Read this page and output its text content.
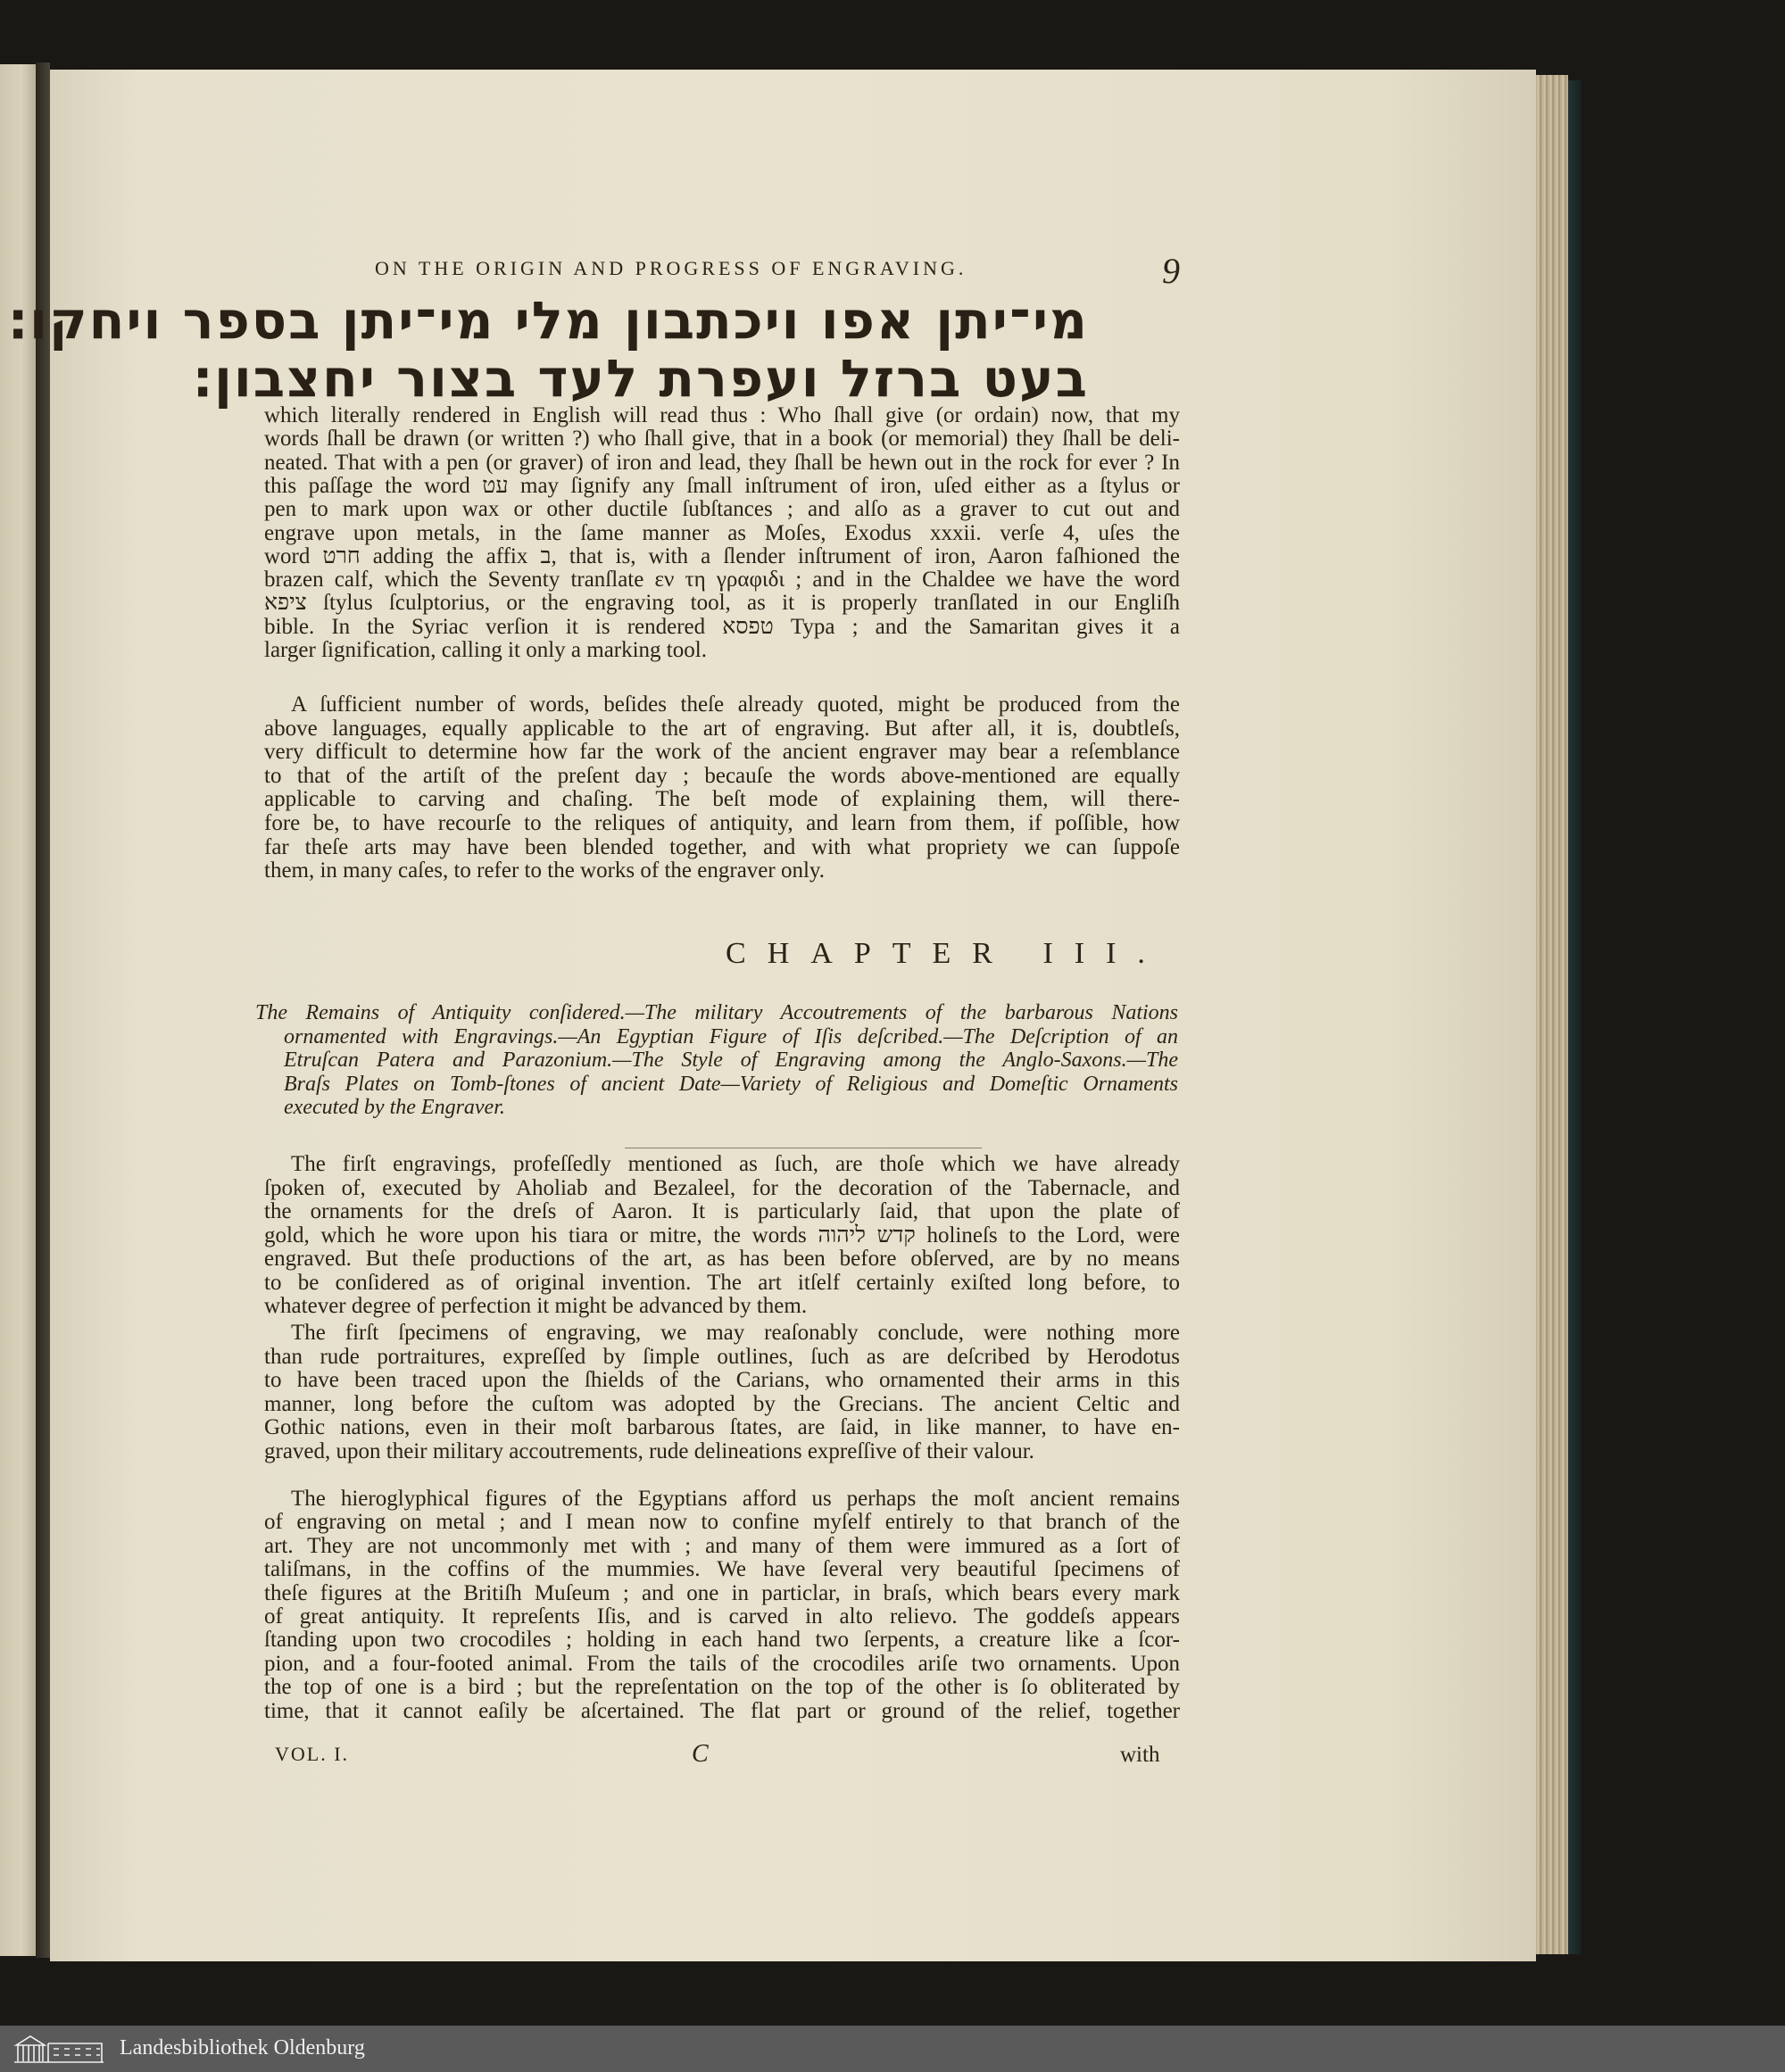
ON THE ORIGIN AND PROGRESS OF ENGRAVING.	9
מי־יתן אפו ויכתבון מלי מי־יתן בספר ויחקו׃
בעט ברזל ועפרת לעד בצור יחצבון׃
which literally rendered in English will read thus : Who ſhall give (or ordain) now, that my
words ſhall be drawn (or written ?) who ſhall give, that in a book (or memorial) they ſhall be deli-
neated. That with a pen (or graver) of iron and lead, they ſhall be hewn out in the rock for ever ? In
this paſſage the word עט may ſignify any ſmall inſtrument of iron, uſed either as a ſtylus or
pen to mark upon wax or other ductile ſubſtances ; and alſo as a graver to cut out and
engrave upon metals, in the ſame manner as Moſes, Exodus xxxii. verſe 4, uſes the
word חרט adding the affix ב, that is, with a ſlender inſtrument of iron, Aaron faſhioned the
brazen calf, which the Seventy tranſlate εν τη γραφιδι ; and in the Chaldee we have the word
ציפא ſtylus ſculptorius, or the engraving tool, as it is properly tranſlated in our Engliſh
bible. In the Syriac verſion it is rendered טפסא Typa ; and the Samaritan gives it a
larger ſignification, calling it only a marking tool.
A ſufficient number of words, beſides theſe already quoted, might be produced from the
above languages, equally applicable to the art of engraving. But after all, it is, doubtleſs,
very difficult to determine how far the work of the ancient engraver may bear a reſemblance
to that of the artiſt of the preſent day ; becauſe the words above-mentioned are equally
applicable to carving and chaſing. The beſt mode of explaining them, will there-
fore be, to have recourſe to the reliques of antiquity, and learn from them, if poſſible, how
far theſe arts may have been blended together, and with what propriety we can ſuppoſe
them, in many caſes, to refer to the works of the engraver only.
The firſt engravings, profeſſedly mentioned as ſuch, are thoſe which we have already
ſpoken of, executed by Aholiab and Bezaleel, for the decoration of the Tabernacle, and
the ornaments for the dreſs of Aaron. It is particularly ſaid, that upon the plate of
gold, which he wore upon his tiara or mitre, the words קדש ליהוה holineſs to the Lord, were
engraved. But theſe productions of the art, as has been before obſerved, are by no means
to be conſidered as of original invention. The art itſelf certainly exiſted long before, to
whatever degree of perfection it might be advanced by them.
The firſt ſpecimens of engraving, we may reaſonably conclude, were nothing more
than rude portraitures, expreſſed by ſimple outlines, ſuch as are deſcribed by Herodotus
to have been traced upon the ſhields of the Carians, who ornamented their arms in this
manner, long before the cuſtom was adopted by the Grecians. The ancient Celtic and
Gothic nations, even in their moſt barbarous ſtates, are ſaid, in like manner, to have en-
graved, upon their military accoutrements, rude delineations expreſſive of their valour.
The hieroglyphical figures of the Egyptians afford us perhaps the moſt ancient remains
of engraving on metal ; and I mean now to confine myſelf entirely to that branch of the
art. They are not uncommonly met with ; and many of them were immured as a ſort of
taliſmans, in the coffins of the mummies. We have ſeveral very beautiful ſpecimens of
theſe figures at the Britiſh Muſeum ; and one in particlar, in braſs, which bears every mark
of great antiquity. It repreſents Iſis, and is carved in alto relievo. The goddeſs appears
ſtanding upon two crocodiles ; holding in each hand two ſerpents, a creature like a ſcor-
pion, and a four-footed animal. From the tails of the crocodiles ariſe two ornaments. Upon
the top of one is a bird ; but the repreſentation on the top of the other is ſo obliterated by
time, that it cannot eaſily be aſcertained. The flat part or ground of the relief, together
CHAPTER III.
The Remains of Antiquity conſidered.—The military Accoutrements of the barbarous Nations
ornamented with Engravings.—An Egyptian Figure of Iſis deſcribed.—The Deſcription of an
Etruſcan Patera and Parazonium.—The Style of Engraving among the Anglo-Saxons.—The
Braſs Plates on Tomb-ſtones of ancient Date—Variety of Religious and Domeſtic Ornaments
executed by the Engraver.
VOL. I.	C	with
Landesbibliothek Oldenburg
